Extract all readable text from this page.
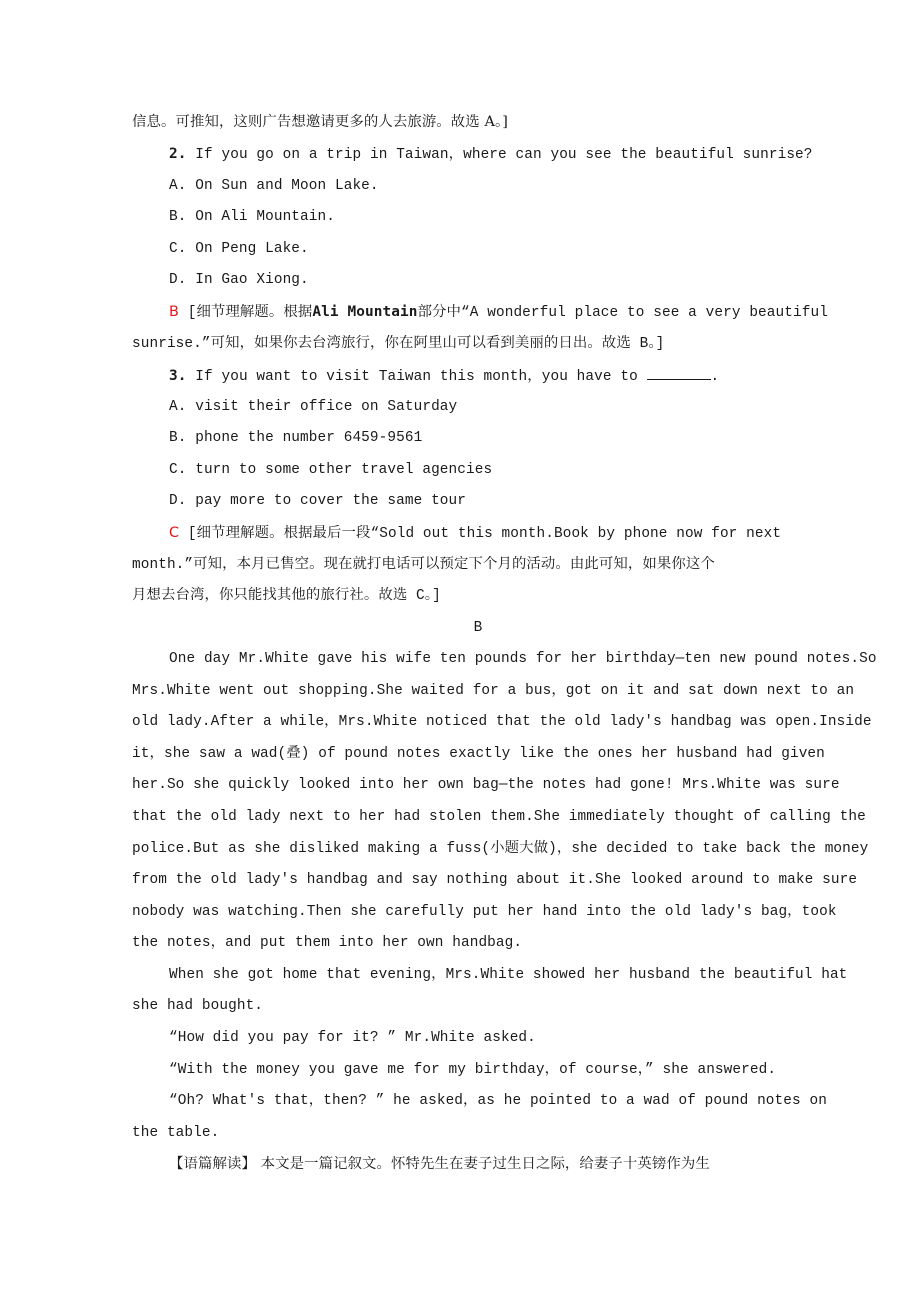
信息。可推知，这则广告想邀请更多的人去旅游。故选 A。]
2. If you go on a trip in Taiwan，where can you see the beautiful sunrise?
A. On Sun and Moon Lake.
B. On Ali Mountain.
C. On Peng Lake.
D. In Gao Xiong.
B [细节理解题。根据Ali Mountain部分中“A wonderful place to see a very beautiful
sunrise.”可知，如果你去台湾旅行，你在阿里山可以看到美丽的日出。故选 B。]
3. If you want to visit Taiwan this month，you have to	.
A. visit their office on Saturday
B. phone the number 6459-9561
C. turn to some other travel agencies
D. pay more to cover the same tour
C [细节理解题。根据最后一段“Sold out this month.Book by phone now for next
month.”可知，本月已售空。现在就打电话可以预定下个月的活动。由此可知，如果你这个
月想去台湾，你只能找其他的旅行社。故选 C。]
B
One day Mr.White gave his wife ten pounds for her birthday—ten new pound notes.So
Mrs.White went out shopping.She waited for a bus，got on it and sat down next to an
old lady.After a while，Mrs.White noticed that the old lady's handbag was open.Inside
it，she saw a wad(叠) of pound notes exactly like the ones her husband had given
her.So she quickly looked into her own bag—the notes had gone! Mrs.White was sure
that the old lady next to her had stolen them.She immediately thought of calling the
police.But as she disliked making a fuss(小题大做)，she decided to take back the money
from the old lady's handbag and say nothing about it.She looked around to make sure
nobody was watching.Then she carefully put her hand into the old lady's bag，took
the notes，and put them into her own handbag.
When she got home that evening，Mrs.White showed her husband the beautiful hat
she had bought.
“How did you pay for it? ” Mr.White asked.
“With the money you gave me for my birthday，of course，” she answered.
“Oh? What's that，then? ” he asked，as he pointed to a wad of pound notes on
the table.
【语篇解读】 本文是一篇记叙文。怀特先生在妻子过生日之际，给妻子十英镑作为生
